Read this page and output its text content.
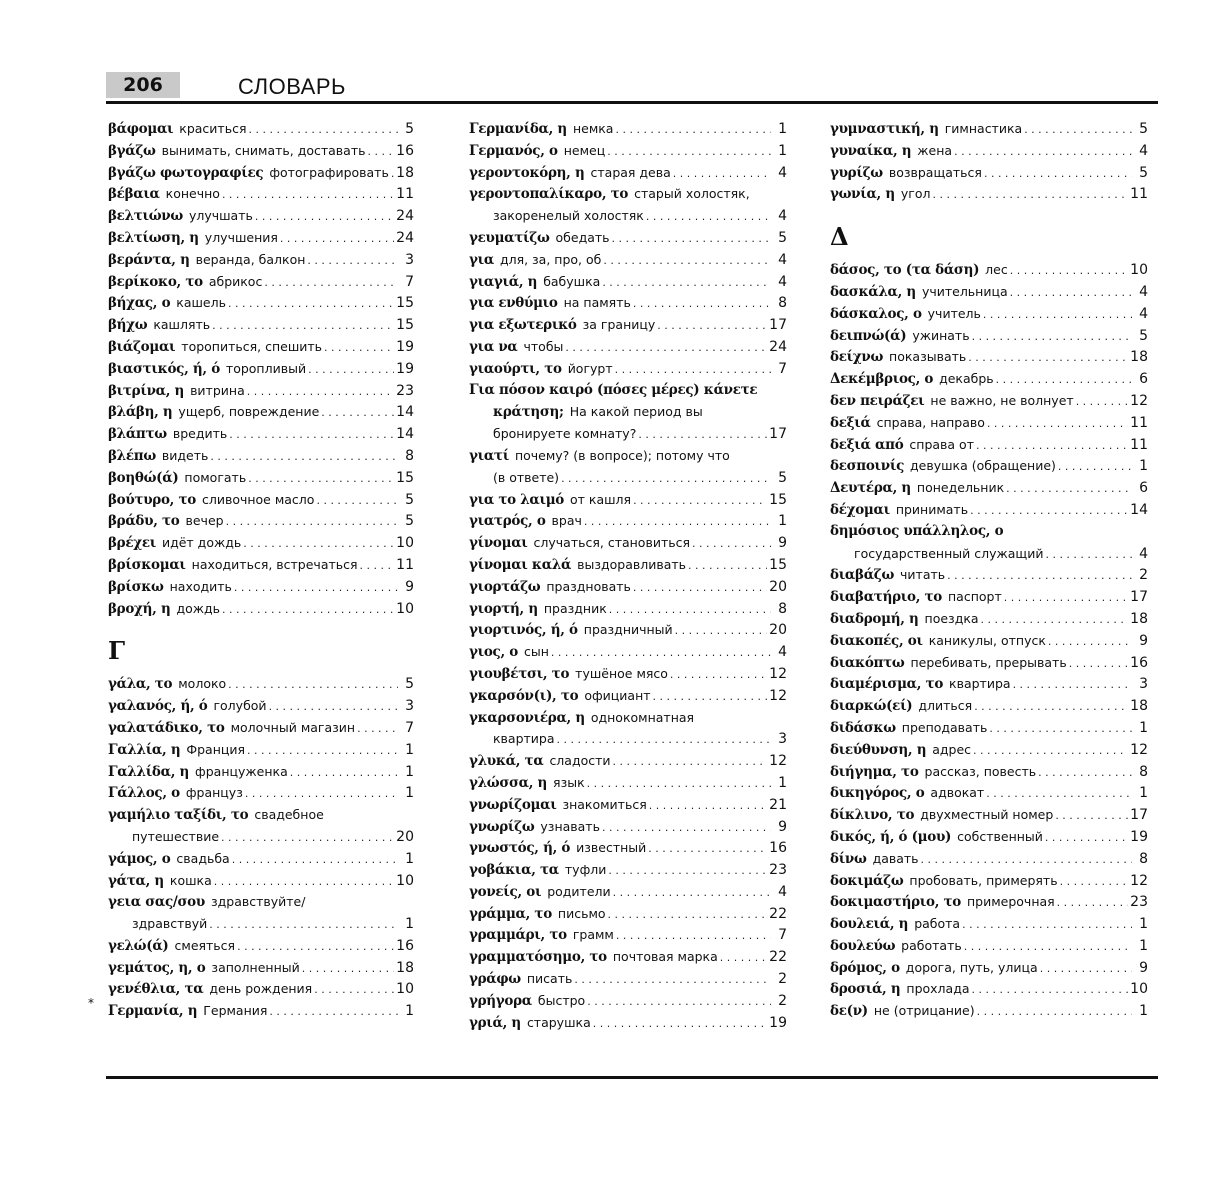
206	СЛОВАРЬ
βάφομαι краситься . . .	5
βγάζω вынимать, снимать, доставать . . . 16
βγάζω φωτογραφίες фотографировать . . . 18
βέβαια конечно . . .	11
βελτιώνω улучшать . . .	24
βελτίωση, η улучшения . . .	24
βεράντα, η веранда, балкон . . .	3
βερίκοκο, το абрикос . . .	7
βήχας, ο кашель . . .	15
βήχω кашлять . . .	15
βιάζομαι торопиться, спешить . . .	19
βιαστικός, ή, ό торопливый . . .	19
βιτρίνα, η витрина . . .	23
βλάβη, η ущерб, повреждение . . .	14
βλάπτω вредить . . .	14
βλέπω видеть . . .	8
βοηθώ(ά) помогать . . .	15
βούτυρο, το сливочное масло . . .	5
βράδυ, το вечер . . .	5
βρέχει идёт дождь . . .	10
βρίσκομαι находиться, встречаться . . .	11
βρίσκω находить . . .	9
βροχή, η дождь . . .	10
Γ
γάλα, το молоко . . .	5
γαλανός, ή, ό голубой . . .	3
γαλατάδικο, το молочный магазин . . .	7
Γαλλία, η Франция . . .	1
Γαλλίδα, η француженка . . .	1
Γάλλος, ο француз . . .	1
γαμήλιο ταξίδι, το свадебное
путешествие . . .	20
γάμος, ο свадьба . . .	1
γάτα, η кошка . . .	10
γεια σας/σου здравствуйте/
здравствуй . . .	1
γελώ(ά) смеяться . . .	16
γεμάτος, η, ο заполненный . . .	18
γενέθλια, τα день рождения . . .	10
Γερμανία, η Германия . . .	1
Γερμανίδα, η немка . . .	1
Γερμανός, ο немец . . .	1
γεροντοκόρη, η старая дева . . .	4
γεροντοπαλίκαρο, το старый холостяк,
закоренелый холостяк . . .	4
γευματίζω обедать . . .	5
για для, за, про, об . . .	4
γιαγιά, η бабушка . . .	4
για ενθύμιο на память . . .	8
για εξωτερικό за границу . . .	17
για να чтобы . . .	24
γιαούρτι, το йогурт . . .	7
Για πόσον καιρό (πόσες μέρες) κάνετε
κράτηση; На какой период вы
бронируете комнату? . . .	17
γιατί почему? (в вопросе); потому что
(в ответе) . . .	5
για το λαιμό от кашля . . .	15
γιατρός, ο врач . . .	1
γίνομαι случаться, становиться . . .	9
γίνομαι καλά выздоравливать . . .	15
γιορτάζω праздновать . . .	20
γιορτή, η праздник . . .	8
γιορτινός, ή, ό праздничный . . .	20
γιος, ο сын . . .	4
γιουβέτσι, το тушёное мясо . . .	12
γκαρσόν(ι), το официант . . .	12
γκαρσονιέρα, η однокомнатная
квартира . . .	3
γλυκά, τα сладости . . .	12
γλώσσα, η язык . . .	1
γνωρίζομαι знакомиться . . .	21
γνωρίζω узнавать . . .	9
γνωστός, ή, ό известный . . .	16
γοβάκια, τα туфли . . .	23
γονείς, οι родители . . .	4
γράμμα, το письмо . . .	22
γραμμάρι, το грамм . . .	7
γραμματόσημο, το почтовая марка . . .	22
γράφω писать . . .	2
γρήγορα быстро . . .	2
γριά, η старушка . . .	19
γυμναστική, η гимнастика . . .	5
γυναίκα, η жена . . .	4
γυρίζω возвращаться . . .	5
γωνία, η угол . . .	11
Δ
δάσος, το (τα δάση) лес . . .	10
δασκάλα, η учительница . . .	4
δάσκαλος, ο учитель . . .	4
δειπνώ(ά) ужинать . . .	5
δείχνω показывать . . .	18
Δεκέμβριος, ο декабрь . . .	6
δεν πειράζει не важно, не волнует . . .	12
δεξιά справа, направо . . .	11
δεξιά από справа от . . .	11
δεσποινίς девушка (обращение) . . .	1
Δευτέρα, η понедельник . . .	6
δέχομαι принимать . . .	14
δημόσιος υπάλληλος, ο
государственный служащий . . .	4
διαβάζω читать . . .	2
διαβατήριο, το паспорт . . .	17
διαδρομή, η поездка . . .	18
διακοπές, οι каникулы, отпуск . . .	9
διακόπτω перебивать, прерывать . . .	16
διαμέρισμα, το квартира . . .	3
διαρκώ(εί) длиться . . .	18
διδάσκω преподавать . . .	1
διεύθυνση, η адрес . . .	12
διήγημα, το рассказ, повесть . . .	8
δικηγόρος, ο адвокат . . .	1
δίκλινο, το двухместный номер . . .	17
δικός, ή, ό (μου) собственный . . .	19
δίνω давать . . .	8
δοκιμάζω пробовать, примерять . . .	12
δοκιμαστήριο, το примерочная . . .	23
δουλειά, η работа . . .	1
δουλεύω работать . . .	1
δρόμος, ο дорога, путь, улица . . .	9
δροσιά, η прохлада . . .	10
δε(ν) не (отрицание) . . .	1
*
